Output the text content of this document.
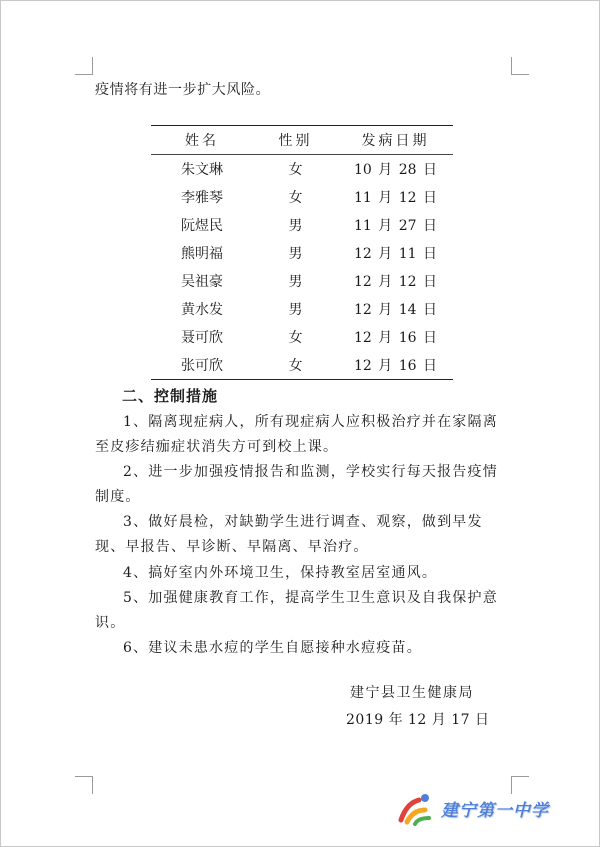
疫情将有进一步扩大风险。
姓名	性别	发病日期
朱文琳	女	10 月 28 日
李雅琴	女	11 月 12 日
阮煜民	男	11 月 27 日
熊明福	男	12 月 11 日
吴祖豪	男	12 月 12 日
黄水发	男	12 月 14 日
聂可欣	女	12 月 16 日
张可欣	女	12 月 16 日
二、控制措施
1、隔离现症病人，所有现症病人应积极治疗并在家隔离至皮疹结痂症状消失方可到校上课。
2、进一步加强疫情报告和监测，学校实行每天报告疫情制度。
3、做好晨检，对缺勤学生进行调查、观察，做到早发现、早报告、早诊断、早隔离、早治疗。
4、搞好室内外环境卫生，保持教室居室通风。
5、加强健康教育工作，提高学生卫生意识及自我保护意识。
6、建议未患水痘的学生自愿接种水痘疫苗。
建宁县卫生健康局
2019 年 12 月 17 日
建宁第一中学
